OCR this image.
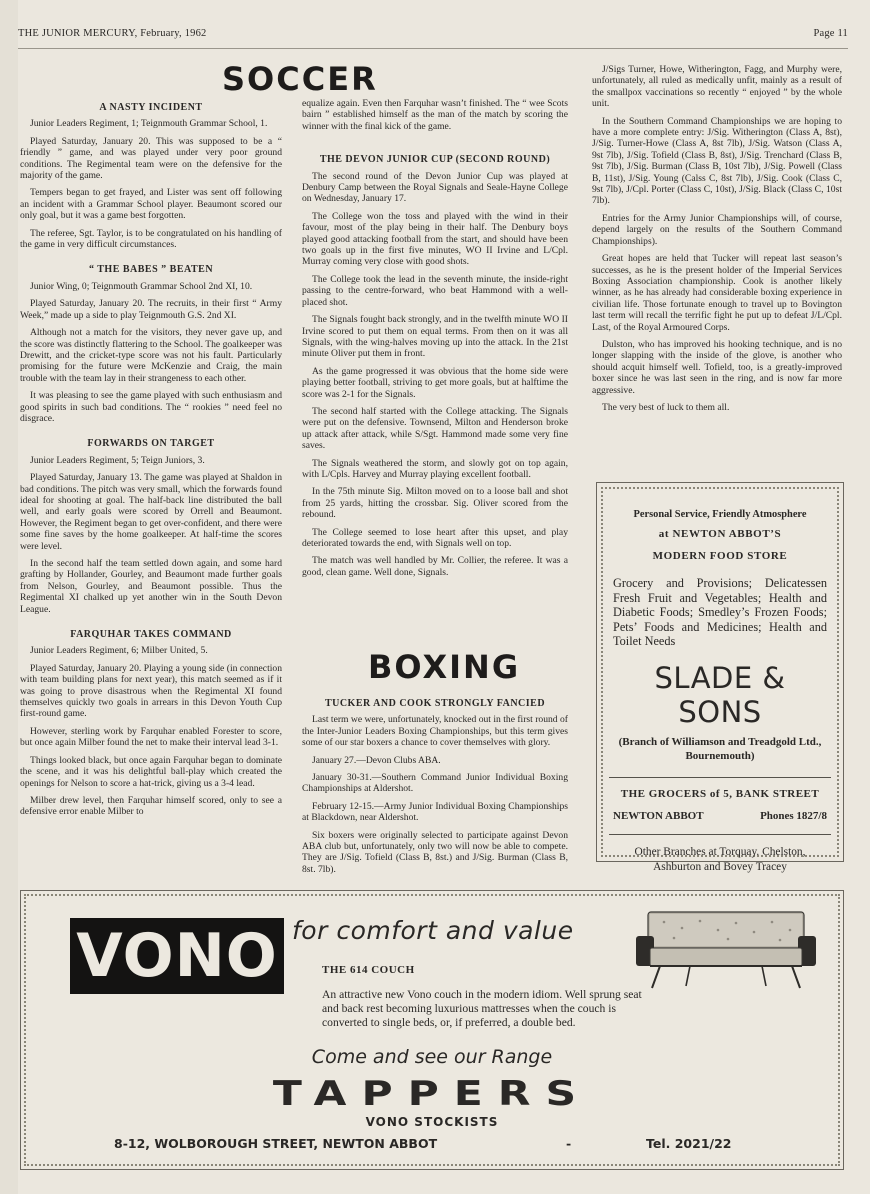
THE JUNIOR MERCURY, February, 1962	Page 11
SOCCER
A NASTY INCIDENT

Junior Leaders Regiment, 1; Teignmouth Grammar School, 1.

Played Saturday, January 20. This was supposed to be a “ friendly ” game, and was played under very poor ground conditions. The Regimental team were on the defensive for the majority of the game.

Tempers began to get frayed, and Lister was sent off following an incident with a Grammar School player. Beaumont scored our only goal, but it was a game best forgotten.

The referee, Sgt. Taylor, is to be congratulated on his handling of the game in very difficult circumstances.

“ THE BABES ” BEATEN

Junior Wing, 0; Teignmouth Grammar School 2nd XI, 10.

Played Saturday, January 20. The recruits, in their first “ Army Week,” made up a side to play Teignmouth G.S. 2nd XI.

Although not a match for the visitors, they never gave up, and the score was distinctly flattering to the School. The goalkeeper was Drewitt, and the cricket-type score was not his fault. Particularly promising for the future were McKenzie and Craig, the main trouble with the team lay in their strangeness to each other.

It was pleasing to see the game played with such enthusiasm and good spirits in such bad conditions. The “ rookies ” need feel no disgrace.

FORWARDS ON TARGET

Junior Leaders Regiment, 5; Teign Juniors, 3.

Played Saturday, January 13. The game was played at Shaldon in bad conditions. The pitch was very small, which the forwards found ideal for shooting at goal. The half-back line distributed the ball well, and early goals were scored by Orrell and Beaumont. However, the Regiment began to get over-confident, and there were some fine saves by the home goalkeeper. At half-time the scores were level.

In the second half the team settled down again, and some hard grafting by Hollander, Gourley, and Beaumont made further goals from Nelson, Gourley, and Beaumont possible. Thus the Regimental XI chalked up yet another win in the South Devon League.

FARQUHAR TAKES COMMAND

Junior Leaders Regiment, 6; Milber United, 5.

Played Saturday, January 20. Playing a young side (in connection with team building plans for next year), this match seemed as if it was going to prove disastrous when the Regimental XI found themselves quickly two goals in arrears in this Devon Youth Cup first-round game.

However, sterling work by Farquhar enabled Forester to score, but once again Milber found the net to make their interval lead 3-1.

Things looked black, but once again Farquhar began to dominate the scene, and it was his delightful ball-play which created the openings for Nelson to score a hat-trick, giving us a 3-4 lead.

Milber drew level, then Farquhar himself scored, only to see a defensive error enable Milber to

equalize again. Even then Farquhar wasn’t finished. The “ wee Scots bairn ” established himself as the man of the match by scoring the winner with the final kick of the game.

THE DEVON JUNIOR CUP (SECOND ROUND)

The second round of the Devon Junior Cup was played at Denbury Camp between the Royal Signals and Seale-Hayne College on Wednesday, January 17.

The College won the toss and played with the wind in their favour, most of the play being in their half. The Denbury boys played good attacking football from the start, and should have been two goals up in the first five minutes, WO II Irvine and L/Cpl. Murray coming very close with good shots.

The College took the lead in the seventh minute, the inside-right passing to the centre-forward, who beat Hammond with a well-placed shot.

The Signals fought back strongly, and in the twelfth minute WO II Irvine scored to put them on equal terms. From then on it was all Signals, with the wing-halves moving up into the attack. In the 21st minute Oliver put them in front.

As the game progressed it was obvious that the home side were playing better football, striving to get more goals, but at halftime the score was 2-1 for the Signals.

The second half started with the College attacking. The Signals were put on the defensive. Townsend, Milton and Henderson broke up attack after attack, while S/Sgt. Hammond made some very fine saves.

The Signals weathered the storm, and slowly got on top again, with L/Cpls. Harvey and Murray playing excellent football.

In the 75th minute Sig. Milton moved on to a loose ball and shot from 25 yards, hitting the crossbar. Sig. Oliver scored from the rebound.

The College seemed to lose heart after this upset, and play deteriorated towards the end, with Signals well on top.

The match was well handled by Mr. Collier, the referee. It was a good, clean game. Well done, Signals.

BOXING
TUCKER AND COOK STRONGLY FANCIED

Last term we were, unfortunately, knocked out in the first round of the Inter-Junior Leaders Boxing Championships, but this term gives some of our star boxers a chance to cover themselves with glory.

January 27.—Devon Clubs ABA.

January 30-31.—Southern Command Junior Individual Boxing Championships at Aldershot.

February 12-15.—Army Junior Individual Boxing Championships at Blackdown, near Aldershot.

Six boxers were originally selected to participate against Devon ABA club but, unfortunately, only two will now be able to compete. They are J/Sig. Tofield (Class B, 8st.) and J/Sig. Burman (Class B, 8st. 7lb).

J/Sigs Turner, Howe, Witherington, Fagg, and Murphy were, unfortunately, all ruled as medically unfit, mainly as a result of the smallpox vaccinations so recently “ enjoyed ” by the whole unit.

In the Southern Command Championships we are hoping to have a more complete entry: J/Sig. Witherington (Class A, 8st), J/Sig. Turner-Howe (Class A, 8st 7lb), J/Sig. Watson (Class A, 9st 7lb), J/Sig. Tofield (Class B, 8st), J/Sig. Trenchard (Class B, 9st 7lb), J/Sig. Burman (Class B, 10st 7lb), J/Sig. Powell (Class B, 11st), J/Sig. Young (Calss C, 8st 7lb), J/Sig. Cook (Class C, 9st 7lb), J/Cpl. Porter (Class C, 10st), J/Sig. Black (Class C, 10st 7lb).

Entries for the Army Junior Championships will, of course, depend largely on the results of the Southern Command Championships).

Great hopes are held that Tucker will repeat last season’s successes, as he is the present holder of the Imperial Services Boxing Association championship. Cook is another likely winner, as he has already had considerable boxing experience in civilian life. Those fortunate enough to travel up to Bovington last term will recall the terrific fight he put up to defeat J/L/Cpl. Last, of the Royal Armoured Corps.

Dulston, who has improved his hooking technique, and is no longer slapping with the inside of the glove, is another who should acquit himself well. Tofield, too, is a greatly-improved boxer since he was last seen in the ring, and is now far more aggressive.

The very best of luck to them all.

Personal Service, Friendly Atmosphere
at NEWTON ABBOT’S
MODERN FOOD STORE
Grocery and Provisions; Delicatessen Fresh Fruit and Vegetables; Health and Diabetic Foods; Smedley’s Frozen Foods; Pets’ Foods and Medicines; Health and Toilet Needs
SLADE & SONS
(Branch of Williamson and Treadgold Ltd., Bournemouth)
THE GROCERS of 5, BANK STREET
NEWTON ABBOT	Phones 1827/8
Other Branches at Torquay. Chelston, Ashburton and Bovey Tracey
VONO for comfort and value
THE 614 COUCH
An attractive new Vono couch in the modern idiom. Well sprung seat and back rest becoming luxurious mattresses when the couch is converted to single beds, or, if preferred, a double bed.
Come and see our Range
TAPPERS
VONO STOCKISTS
8-12, WOLBOROUGH STREET, NEWTON ABBOT	-	Tel. 2021/22
